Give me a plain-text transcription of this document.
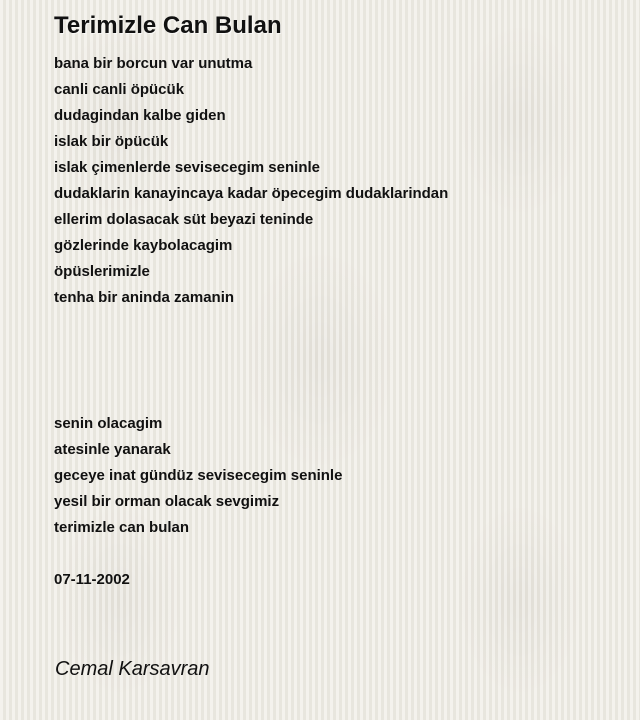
Terimizle Can Bulan
bana bir borcun var unutma
canli canli öpücük
dudagindan kalbe giden
islak bir öpücük
islak çimenlerde sevisecegim seninle
dudaklarin kanayincaya kadar öpecegim dudaklarindan
ellerim dolasacak süt beyazi teninde
gözlerinde kaybolacagim
öpüslerimizle
tenha bir aninda zamanin
senin olacagim
atesinle yanarak
geceye inat gündüz sevisecegim seninle
yesil bir orman olacak sevgimiz
terimizle can bulan
07-11-2002
Cemal Karsavran
